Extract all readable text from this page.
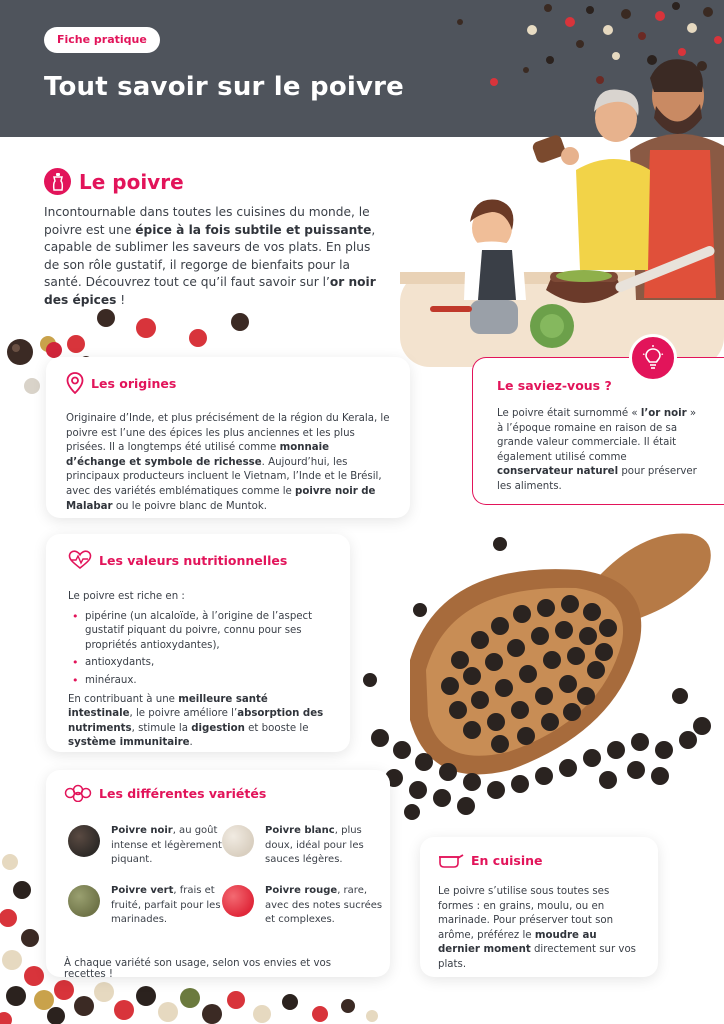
Fiche pratique
Tout savoir sur le poivre
Le poivre

Incontournable dans toutes les cuisines du monde, le poivre est une épice à la fois subtile et puissante, capable de sublimer les saveurs de vos plats. En plus de son rôle gustatif, il regorge de bienfaits pour la santé. Découvrez tout ce qu’il faut savoir sur l’or noir des épices !

Les origines

Originaire d’Inde, et plus précisément de la région du Kerala, le poivre est l’une des épices les plus anciennes et les plus prisées. Il a longtemps été utilisé comme monnaie d’échange et symbole de richesse. Aujourd’hui, les principaux producteurs incluent le Vietnam, l’Inde et le Brésil, avec des variétés emblématiques comme le poivre noir de Malabar ou le poivre blanc de Muntok.

Le saviez-vous ?

Le poivre était surnommé « l’or noir » à l’époque romaine en raison de sa grande valeur commerciale. Il était également utilisé comme conservateur naturel pour préserver les aliments.

Les valeurs nutritionnelles

Le poivre est riche en :

• pipérine (un alcaloïde, à l’origine de l’aspect gustatif piquant du poivre, connu pour ses propriétés antioxydantes),
• antioxydants,
• minéraux.

En contribuant à une meilleure santé intestinale, le poivre améliore l’absorption des nutriments, stimule la digestion et booste le système immunitaire.

Les différentes variétés

Poivre noir, au goût intense et légèrement piquant.

Poivre blanc, plus doux, idéal pour les sauces légères.

Poivre vert, frais et fruité, parfait pour les marinades.

Poivre rouge, rare, avec des notes sucrées et complexes.

À chaque variété son usage, selon vos envies et vos recettes !

En cuisine

Le poivre s’utilise sous toutes ses formes : en grains, moulu, ou en marinade. Pour préserver tout son arôme, préférez le moudre au dernier moment directement sur vos plats.
